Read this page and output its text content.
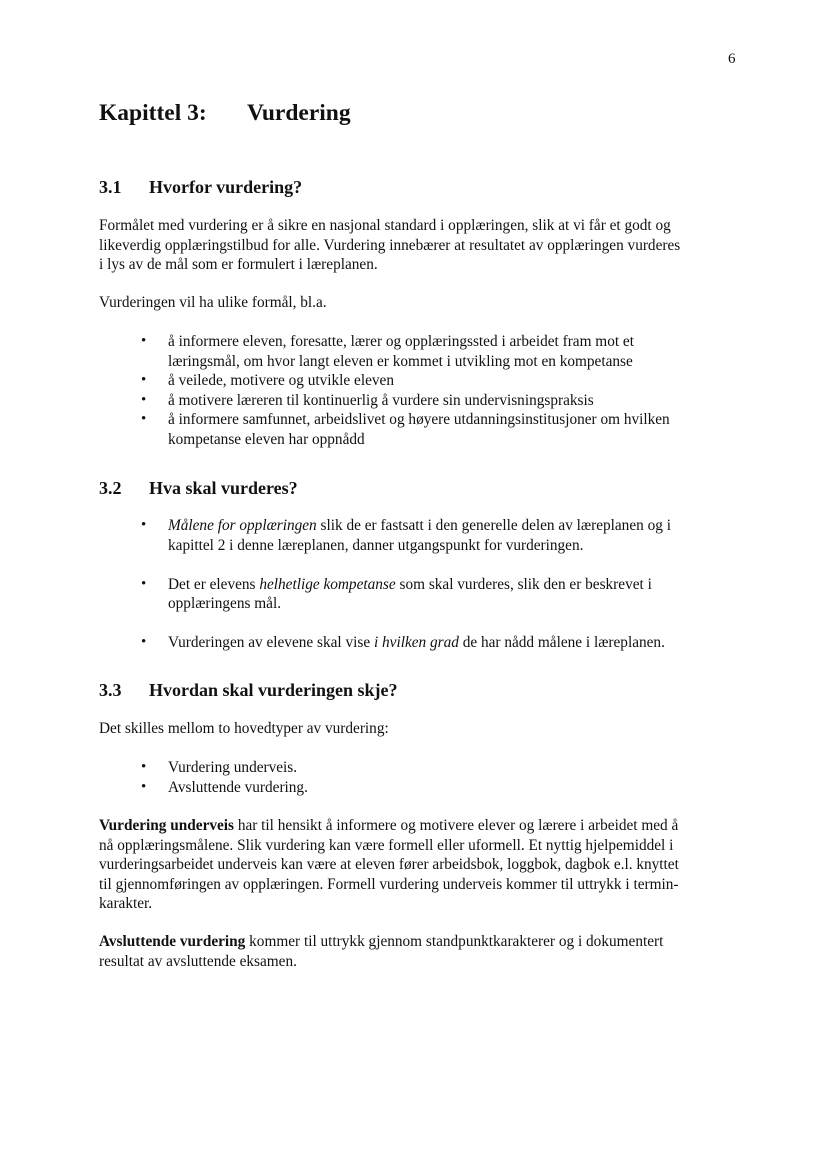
6
Kapittel 3: Vurdering
3.1 Hvorfor vurdering?

Formålet med vurdering er å sikre en nasjonal standard i opplæringen, slik at vi får et godt og
likeverdig opplæringstilbud for alle. Vurdering innebærer at resultatet av opplæringen vurderes
i lys av de mål som er formulert i læreplanen.

Vurderingen vil ha ulike formål, bl.a.

• å informere eleven, foresatte, lærer og opplæringssted i arbeidet fram mot et
læringsmål, om hvor langt eleven er kommet i utvikling mot en kompetanse
• å veilede, motivere og utvikle eleven
• å motivere læreren til kontinuerlig å vurdere sin undervisningspraksis
• å informere samfunnet, arbeidslivet og høyere utdanningsinstitusjoner om hvilken
kompetanse eleven har oppnådd
3.2 Hva skal vurderes?
• Målene for opplæringen slik de er fastsatt i den generelle delen av læreplanen og i
kapittel 2 i denne læreplanen, danner utgangspunkt for vurderingen.
• Det er elevens helhetlige kompetanse som skal vurderes, slik den er beskrevet i
opplæringens mål.
• Vurderingen av elevene skal vise i hvilken grad de har nådd målene i læreplanen.
3.3 Hvordan skal vurderingen skje?

Det skilles mellom to hovedtyper av vurdering:

• Vurdering underveis.
• Avsluttende vurdering.

Vurdering underveis har til hensikt å informere og motivere elever og lærere i arbeidet med å
nå opplæringsmålene. Slik vurdering kan være formell eller uformell. Et nyttig hjelpemiddel i
vurderingsarbeidet underveis kan være at eleven fører arbeidsbok, loggbok, dagbok e.l. knyttet
til gjennomføringen av opplæringen. Formell vurdering underveis kommer til uttrykk i termin-
karakter.

Avsluttende vurdering kommer til uttrykk gjennom standpunktkarakterer og i dokumentert
resultat av avsluttende eksamen.
